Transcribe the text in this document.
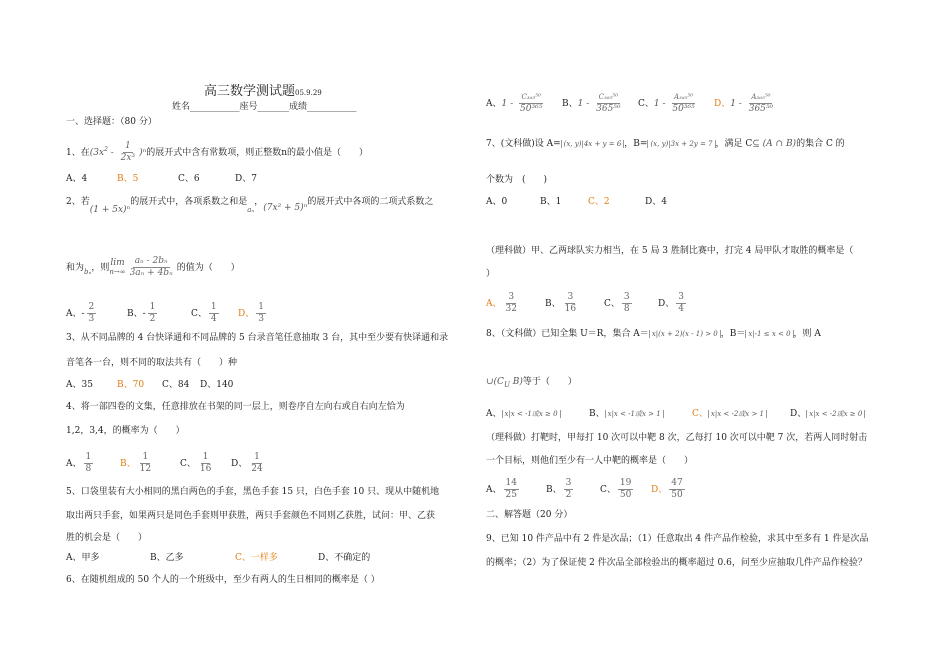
高三数学测试题05.9.29
姓名___________座号_______成绩___________
一、选择题：（80 分）
1、在$(3x^2 - \frac{1}{\text{2x³}} )^n$的展开式中含有常数项，则正整数n的最小值是（　　）
A、4	B、5	C、6	D、7
2、若(1 + 5x)ⁿ的展开式中，各项系数之和是$_{a_n}$，(7x² + 5)ⁿ的展开式中各项的二项式系数之
和为$_{b_n}$，则
lim
$n\to\infty \frac{\text{aₙ - 2bₙ}}{\text{3aₙ + 4bₙ}}$ 的值为（　　）
A、- $\frac{2}{3}$	B、- $\frac{1}{2}$	C、 $\frac{1}{4}$ D、 $\frac{1}{3}$
3、从不同品牌的 4 台快译通和不同品牌的 5 台录音笔任意抽取 3 台，其中至少要有快译通和录
音笔各一台，则不同的取法共有（　　）种
A、35	B、70 C、84 D、140
4、将一部四卷的文集，任意排放在书架的同一层上，则卷序自左向右或自右向左恰为
1,2，3,4，的概率为（　　）
A、 $\frac{1}{8}$	B、 $\frac{1}{12}$	C、 $\frac{1}{16}$ D、 $\frac{1}{24}$
5、口袋里装有大小相同的黑白两色的手套，黑色手套 15 只，白色手套 10 只、现从中随机地
取出两只手套，如果两只是同色手套则甲获胜，两只手套颜色不同则乙获胜，试问：甲、乙获
胜的机会是（　　）
A、甲多	B、乙多	C、一样多	D、不确定的
6、在随机组成的 50 个人的一个班级中，至少有两人的生日相同的概率是（ ）
A、$1 - \frac{\text{C₃₆₅⁵⁰}}{\text{50³⁶⁵}}$ B、$1 - \frac{\text{C₃₆₅⁵⁰}}{\text{365⁵⁰}}$ C、$1 - \frac{\text{A₃₆₅⁵⁰}}{\text{50³⁶⁵}}$ D、$1 - \frac{\text{A₃₆₅⁵⁰}}{\text{365⁵⁰}}$
7、(文科做)设 A= (x, y)|4x + y = 6 ，B= (x, y)|3x + 2y = 7 ，满足 C⊆ (A ∩ B)的集合 C 的
个数为　(　　)
A、0	B、1	C、2	D、4
（理科做）甲、乙两球队实力相当，在 5 局 3 胜制比赛中，打完 4 局甲队才取胜的概率是（
）
A、 $\frac{3}{32}$	B、 $\frac{3}{16}$	C、 $\frac{3}{8}$	D、 $\frac{3}{4}$
8、（文科做）已知全集 U＝R，集合 A＝ x|(x + 2)(x - 1) > 0 ，B＝ x|-1 ≤ x < 0 ，则 A
$\cup(C_U$ B)等于（　　）
A、 x|x < -1或x ≥ 0	B、 x|x < -1或x > 1	C、 x|x < -2或x > 1	D、 x|x < -2或x ≥ 0
（理科做）打靶时，甲每打 10 次可以中靶 8 次，乙每打 10 次可以中靶 7 次，若两人同时射击
一个目标，则他们至少有一人中靶的概率是（　　）
A、 $\frac{14}{25}$	B、 $\frac{3}{2}$	C、 $\frac{19}{50}$ D、 $\frac{47}{50}$
二、解答题（20 分）
9、已知 10 件产品中有 2 件是次品；（1）任意取出 4 件产品作检验，求其中至多有 1 件是次品
的概率；（2）为了保证使 2 件次品全部检验出的概率超过 0.6，问至少应抽取几件产品作检验？
